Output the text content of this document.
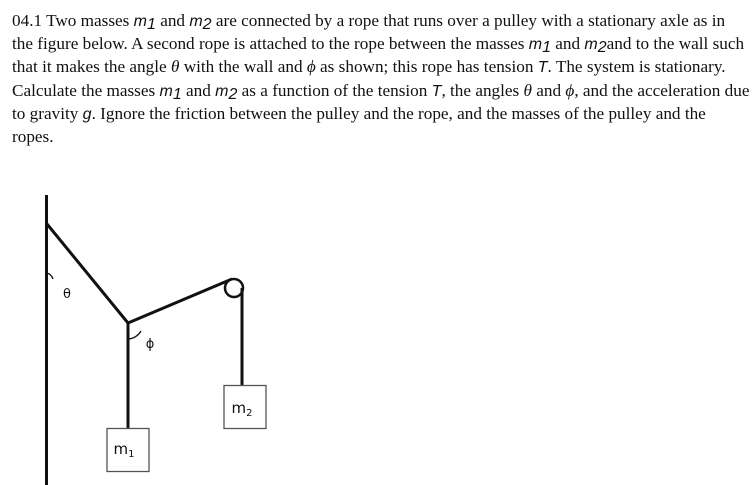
04.1 Two masses $m_1$ and $m_2$ are connected by a rope that runs over a pulley with a stationary axle as in the figure below. A second rope is attached to the rope between the masses $m_1$ and $m_2and$ to the wall such that it makes the angle θ with the wall and ϕ as shown; this rope has tension T. The system is stationary. Calculate the masses $m_1$ and $m_2$ as a function of the tension T, the angles θ and ϕ, and the acceleration due to gravity g. Ignore the friction between the pulley and the rope, and the masses of the pulley and the ropes.

θ
ϕ
$m_1$
$m_2$
